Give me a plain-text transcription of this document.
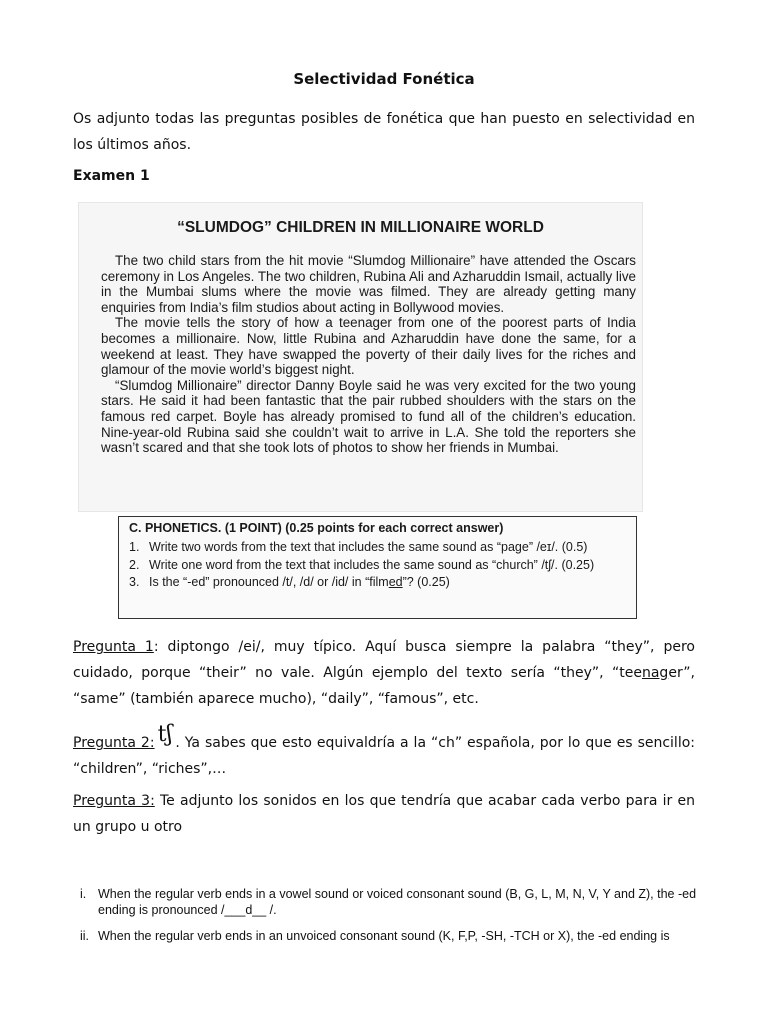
Selectividad Fonética
Os adjunto todas las preguntas posibles de fonética que han puesto en selectividad en los últimos años.
Examen 1
“SLUMDOG” CHILDREN IN MILLIONAIRE WORLD

The two child stars from the hit movie “Slumdog Millionaire” have attended the Oscars ceremony in Los Angeles. The two children, Rubina Ali and Azharuddin Ismail, actually live in the Mumbai slums where the movie was filmed. They are already getting many enquiries from India’s film studios about acting in Bollywood movies.

The movie tells the story of how a teenager from one of the poorest parts of India becomes a millionaire. Now, little Rubina and Azharuddin have done the same, for a weekend at least. They have swapped the poverty of their daily lives for the riches and glamour of the movie world’s biggest night.

“Slumdog Millionaire” director Danny Boyle said he was very excited for the two young stars. He said it had been fantastic that the pair rubbed shoulders with the stars on the famous red carpet. Boyle has already promised to fund all of the children’s education. Nine-year-old Rubina said she couldn’t wait to arrive in L.A. She told the reporters she wasn’t scared and that she took lots of photos to show her friends in Mumbai.

C. PHONETICS. (1 POINT) (0.25 points for each correct answer)
1. Write two words from the text that includes the same sound as “page” /eɪ/. (0.5)
2. Write one word from the text that includes the same sound as “church” /tʃ/. (0.25)
3. Is the “-ed” pronounced /t/, /d/ or /id/ in “filmed”? (0.25)
Pregunta 1: diptongo /ei/, muy típico. Aquí busca siempre la palabra “they”, pero cuidado, porque “their” no vale. Algún ejemplo del texto sería “they”, “teenager”, “same” (también aparece mucho), “daily”, “famous”, etc.
Pregunta 2: tʃ . Ya sabes que esto equivaldría a la “ch” española, por lo que es sencillo: “children”, “riches”,…
Pregunta 3: Te adjunto los sonidos en los que tendría que acabar cada verbo para ir en un grupo u otro
i. When the regular verb ends in a vowel sound or voiced consonant sound (B, G, L, M, N, V, Y and Z), the -ed ending is pronounced /___d__ /.
ii. When the regular verb ends in an unvoiced consonant sound (K, F,P, -SH, -TCH or X), the -ed ending is
